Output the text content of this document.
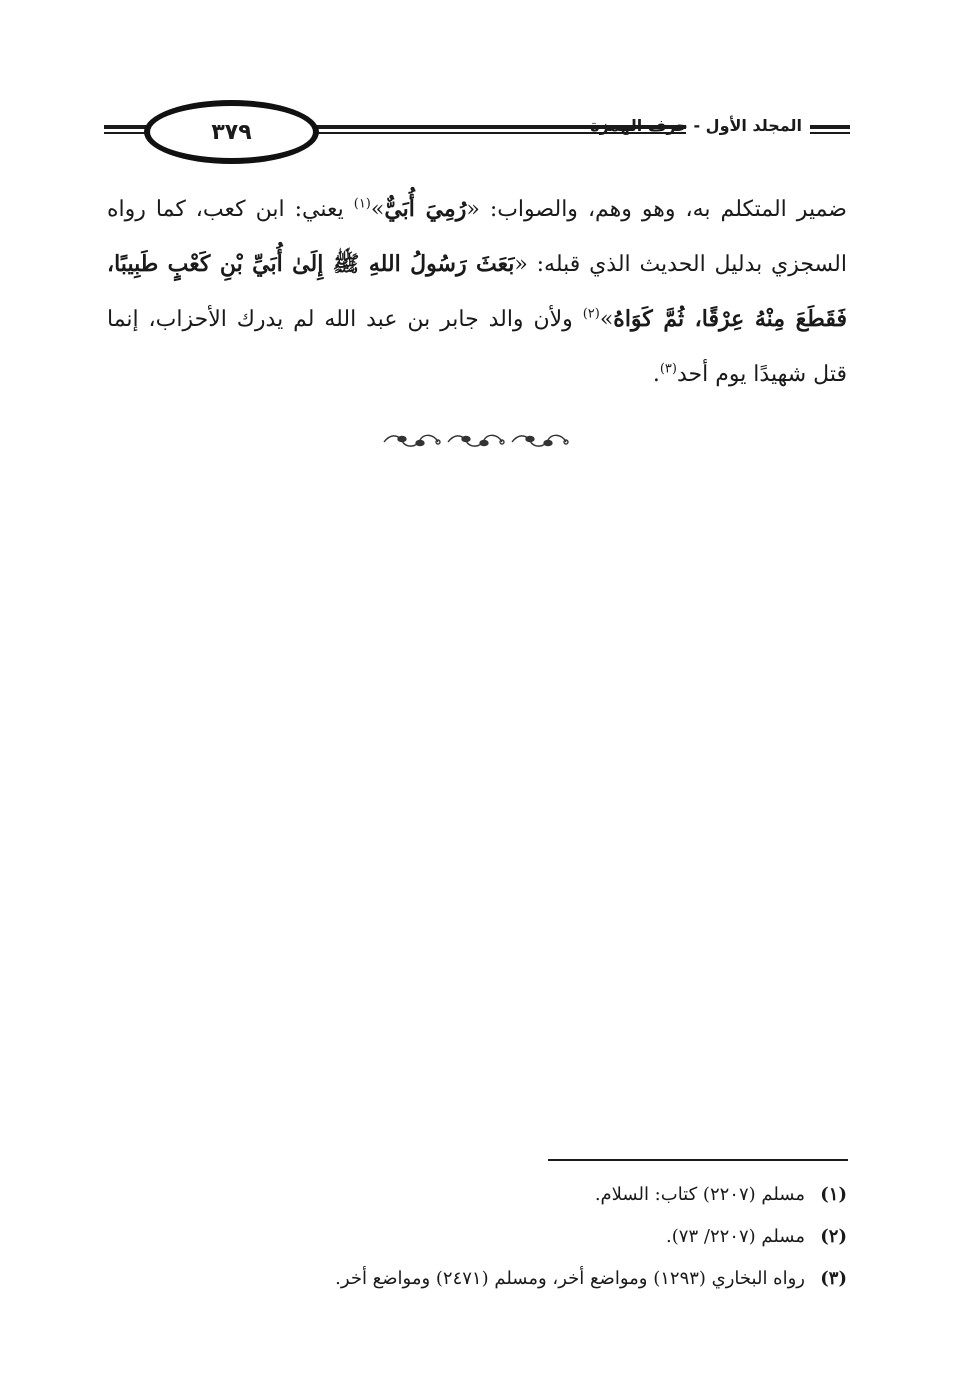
المجلد الأول - حرف الهمزة
٣٧٩

ضمير المتكلم به، وهو وهم، والصواب: «رُمِيَ أُبَيٌّ»$^{(١)}$ يعني: ابن كعب، كما رواه السجزي بدليل الحديث الذي قبله: «بَعَثَ رَسُولُ اللهِ ﷺ إِلَىٰ أُبَيِّ بْنِ كَعْبٍ طَبِيبًا، فَقَطَعَ مِنْهُ عِرْقًا، ثُمَّ كَوَاهُ»$^{(٢)}$ ولأن والد جابر بن عبد الله لم يدرك الأحزاب، إنما قتل شهيدًا يوم أحد$^{(٣)}$.

(١)
مسلم (٢٢٠٧) كتاب: السلام.
(٢)
مسلم (٢٢٠٧/ ٧٣).
(٣)
رواه البخاري (١٢٩٣) ومواضع أخر، ومسلم (٢٤٧١) ومواضع أخر.
